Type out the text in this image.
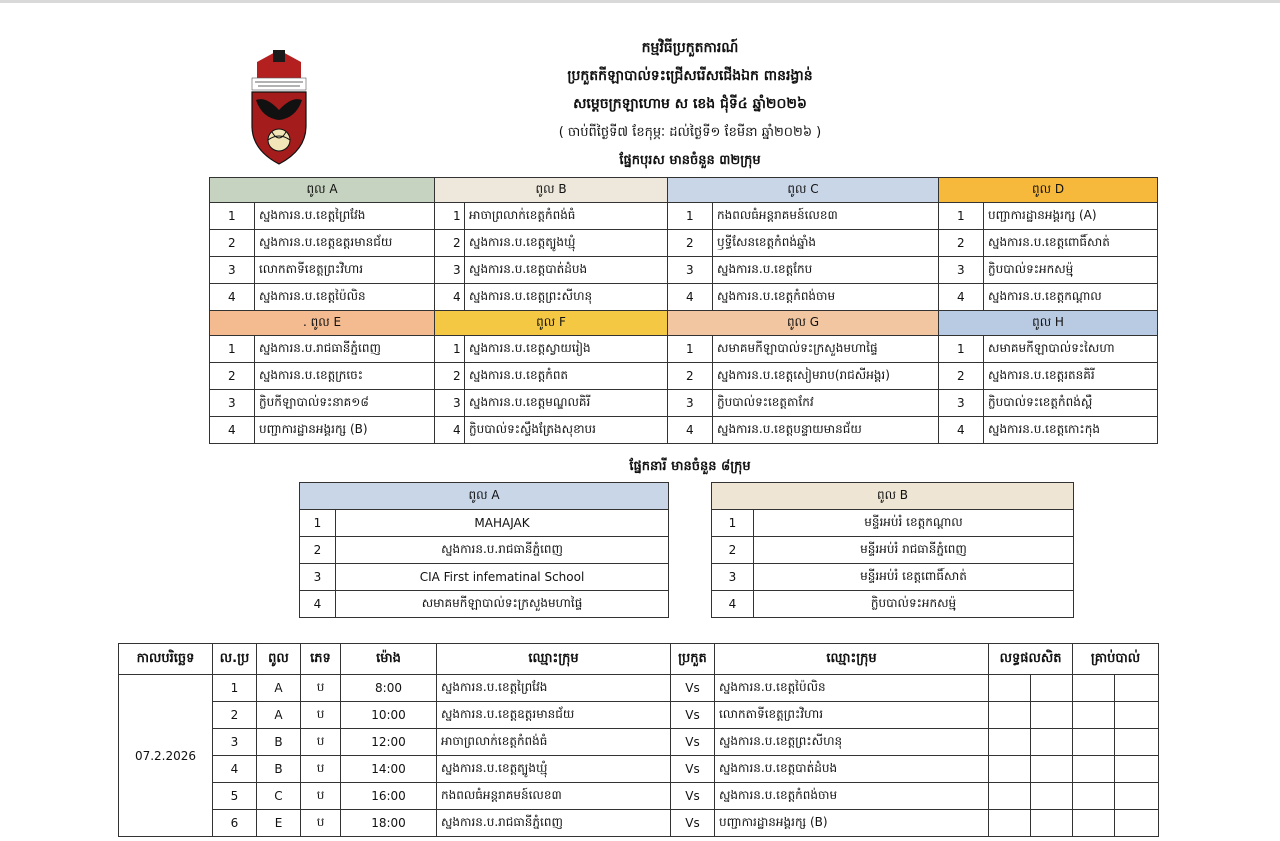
កម្មវិធីប្រកួតការណ៍
ប្រកួតកីឡាបាល់ទះជ្រើសរើសជើងឯក ពានរង្វាន់
សម្តេចក្រឡាហោម ស ខេង ជុំទី៤ ឆ្នាំ២០២៦
( ចាប់ពីថ្ងៃទី៧ ខែកុម្ភៈ ដល់ថ្ងៃទី១ ខែមីនា ឆ្នាំ២០២៦ )
ផ្នែកបុរស មានចំនួន ៣២ក្រុម
ពូល A		ពូល B		ពូល C		ពូល D	
1	ស្នងការ​ន.ប.ខេត្តព្រៃវែង	1	អាចាព្រលាក់ខេត្តកំពង់ធំ	1	កងពលធំអន្តរាគមន៍លេខ៣	1	បញ្ជាការដ្ឋានអង្គរក្ស (A)
2	ស្នងការ​ន.ប.ខេត្តឧត្តរមានជ័យ	2	ស្នងការ​ន.ប.ខេត្តត្បូងឃ្មុំ	2	ឫទ្ធីសែនខេត្តកំពង់ឆ្នាំង	2	ស្នងការ​ន.ប.ខេត្តពោធិ៍សាត់
3	លោកតាទីខេត្តព្រះវិហារ	3	ស្នងការ​ន.ប.ខេត្តបាត់ដំបង	3	ស្នងការ​ន.ប.ខេត្តកែប	3	ក្លិបបាល់ទះអកសម្ម៉ុ
4	ស្នងការ​ន.ប.ខេត្តប៉ៃលិន	4	ស្នងការ​ន.ប.ខេត្តព្រះសីហនុ	4	ស្នងការ​ន.ប.ខេត្តកំពង់ចាម	4	ស្នងការ​ន.ប.ខេត្តកណ្តាល
. ពូល E		ពូល F		ពូល G		ពូល H	
1	ស្នងការ​ន.ប.រាជធានីភ្នំពេញ	1	ស្នងការ​ន.ប.ខេត្តស្វាយរៀង	1	សមាគមកីឡាបាល់ទះក្រសួងមហាផ្ទៃ	1	សមាគមកីឡាបាល់ទះសៃហា
2	ស្នងការ​ន.ប.ខេត្តក្រចេះ	2	ស្នងការ​ន.ប.ខេត្តកំពត	2	ស្នងការ​ន.ប.ខេត្តសៀមរាប(រាជសីអង្គរ)	2	ស្នងការ​ន.ប.ខេត្តរតនគិរី
3	ក្លិបកីឡាបាល់ទះនាគ១៨	3	ស្នងការ​ន.ប.ខេត្តមណ្ឌលគិរី	3	ក្លិបបាល់ទះខេត្តតាកែវ	3	ក្លិបបាល់ទះខេត្តកំពង់ស្ពឺ
4	បញ្ជាការដ្ឋានអង្គរក្ស (B)	4	ក្លិបបាល់ទះស្ទឹងត្រែងសុខាបរ	4	ស្នងការ​ន.ប.ខេត្តបន្ទាយមានជ័យ	4	ស្នងការ​ន.ប.ខេត្តកោះកុង
ផ្នែកនារី មានចំនួន ៨ក្រុម
ពូល A	
1	MAHAJAK
2	ស្នងការ​ន.ប.រាជធានីភ្នំពេញ
3	CIA First infematinal School
4	សមាគមកីឡាបាល់ទះក្រសួងមហាផ្ទៃ
ពូល B	
1	មន្ទីរអប់រំ ខេត្តកណ្តាល
2	មន្ទីរអប់រំ រាជធានីភ្នំពេញ
3	មន្ទីរអប់រំ ខេត្តពោធិ៍សាត់
4	ក្លិបបាល់ទះអកសម្ម៉ុ
កាលបរិច្ឆេទ	ល.ប្រ	ពូល	ភេទ	ម៉ោង	ឈ្មោះក្រុម	ប្រកួត	ឈ្មោះក្រុម	លទ្ធផលសិត		គ្រាប់បាល់	
07.2.2026	1	A	ប	8:00	ស្នងការ​ន.ប.ខេត្តព្រៃវែង	Vs	ស្នងការ​ន.ប.ខេត្តប៉ៃលិន				
	2	A	ប	10:00	ស្នងការ​ន.ប.ខេត្តឧត្តរមានជ័យ	Vs	លោកតាទីខេត្តព្រះវិហារ				
	3	B	ប	12:00	អាចាព្រលាក់ខេត្តកំពង់ធំ	Vs	ស្នងការ​ន.ប.ខេត្តព្រះសីហនុ				
	4	B	ប	14:00	ស្នងការ​ន.ប.ខេត្តត្បូងឃ្មុំ	Vs	ស្នងការ​ន.ប.ខេត្តបាត់ដំបង				
	5	C	ប	16:00	កងពលធំអន្តរាគមន៍លេខ៣	Vs	ស្នងការ​ន.ប.ខេត្តកំពង់ចាម				
	6	E	ប	18:00	ស្នងការ​ន.ប.រាជធានីភ្នំពេញ	Vs	បញ្ជាការដ្ឋានអង្គរក្ស (B)				
